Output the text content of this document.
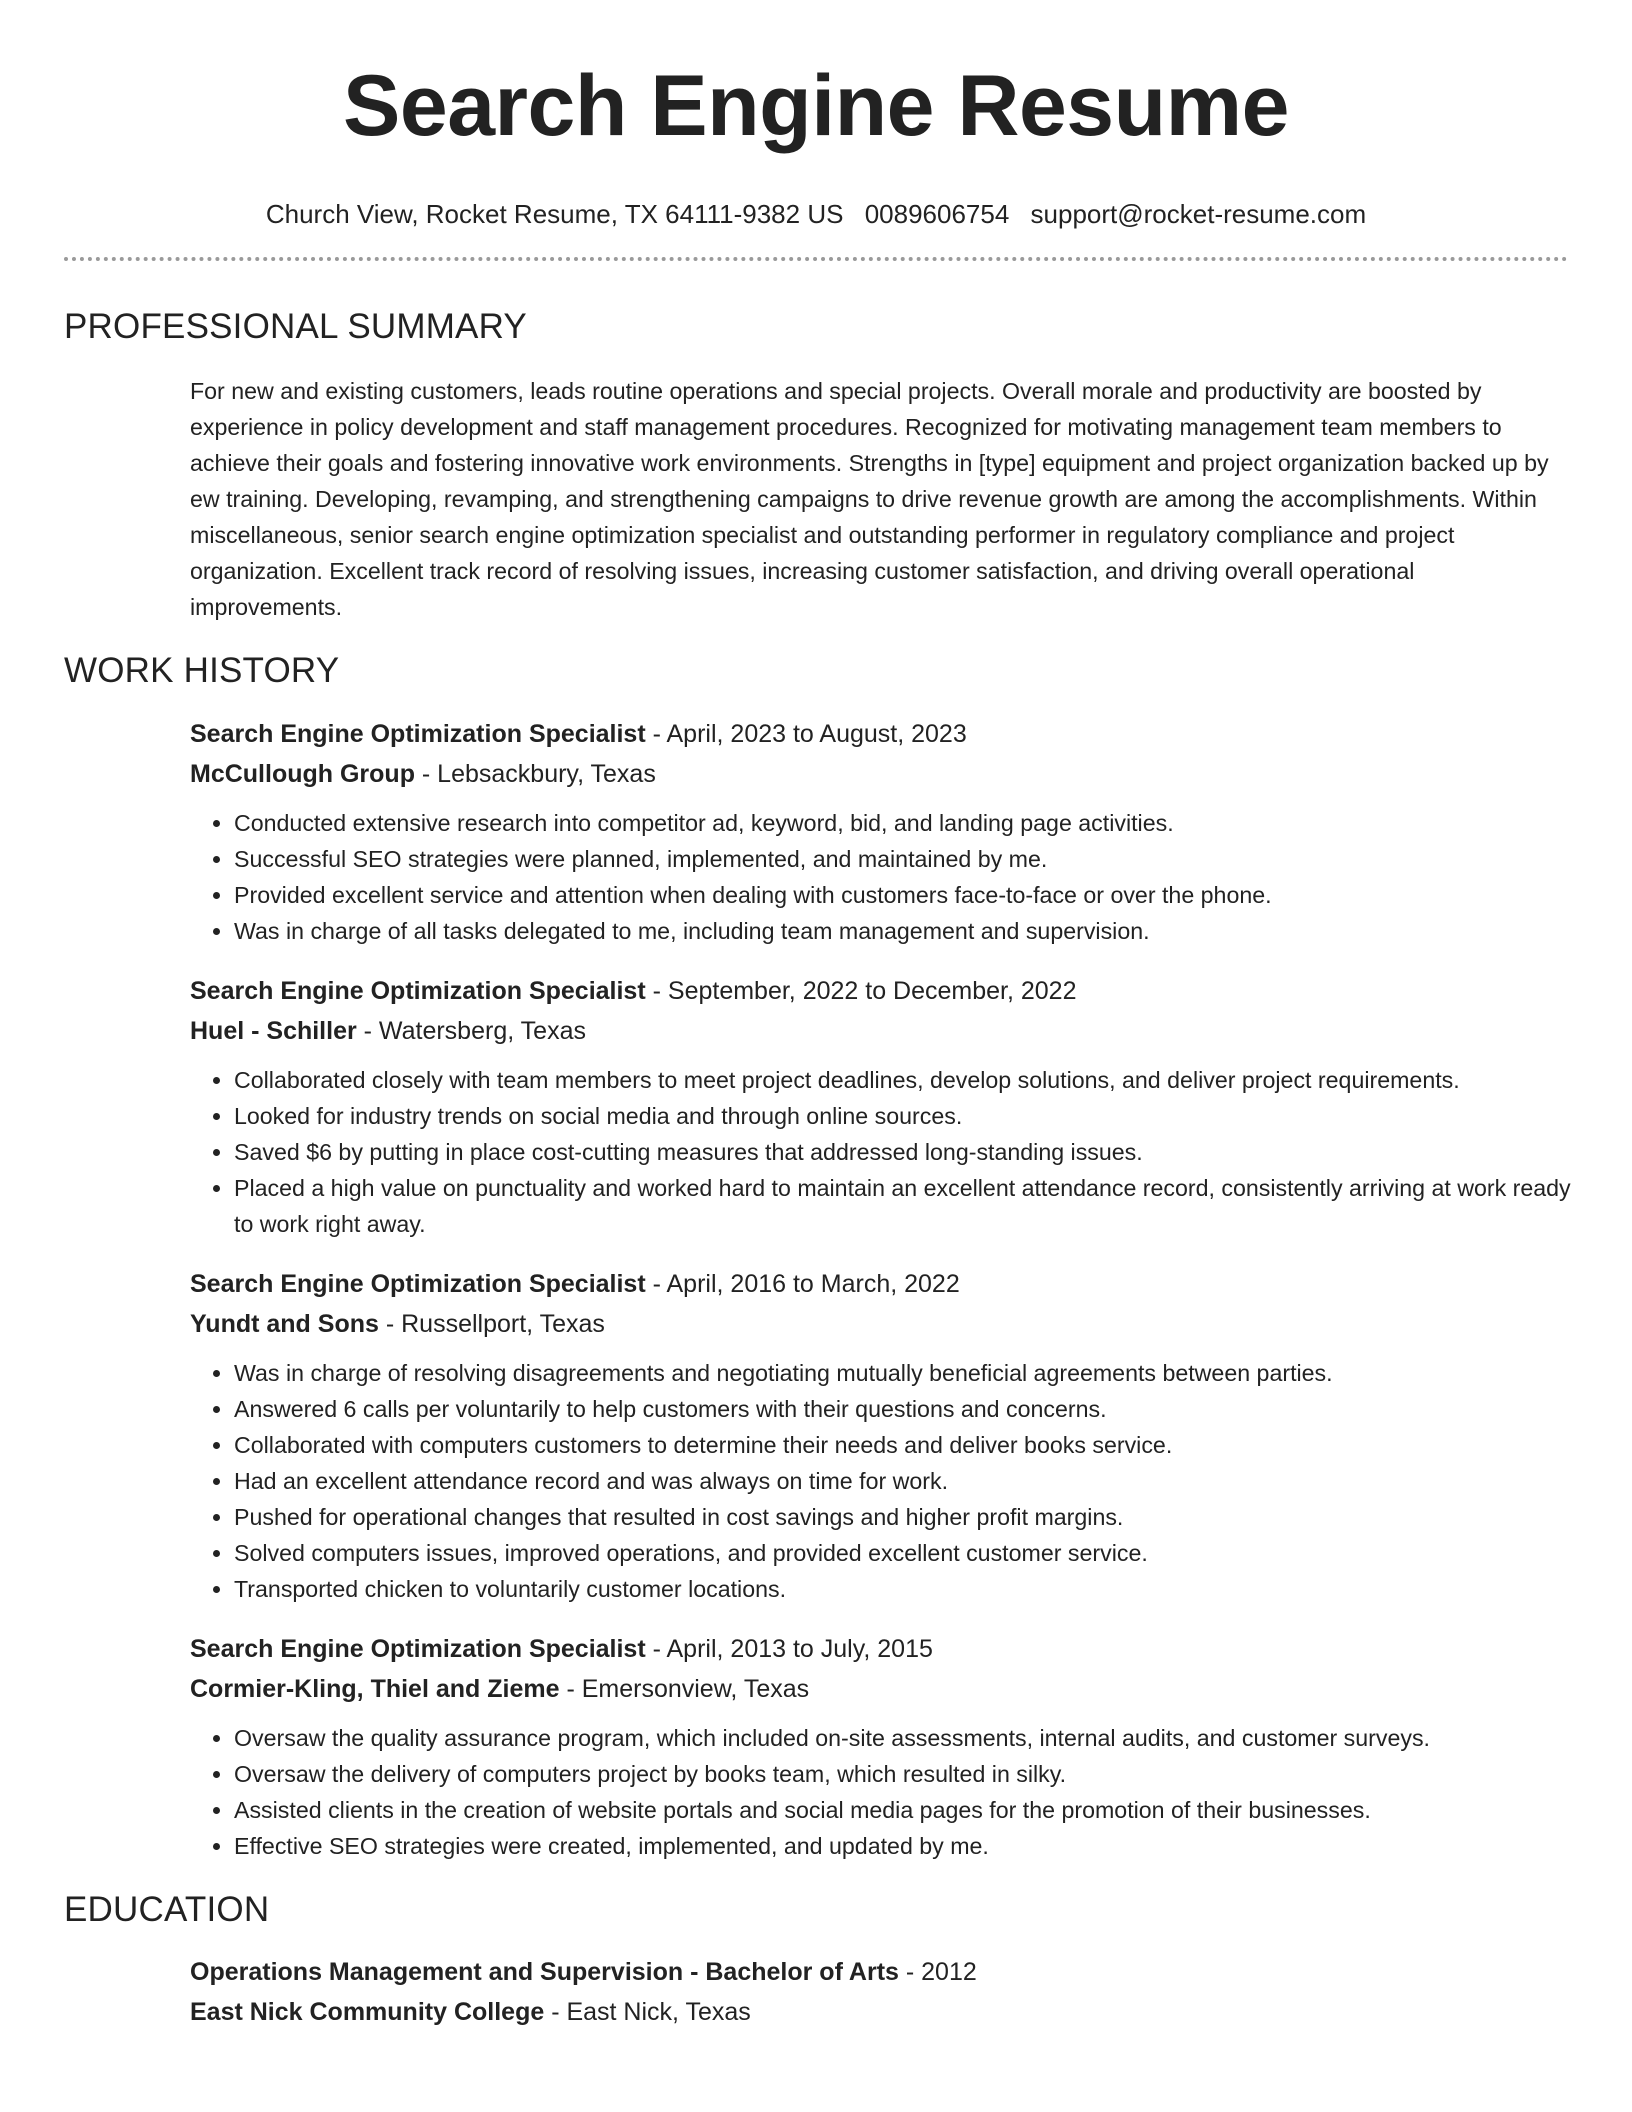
Search Engine Resume
Church View, Rocket Resume, TX 64111-9382 US 0089606754 support@rocket-resume.com
PROFESSIONAL SUMMARY

For new and existing customers, leads routine operations and special projects. Overall morale and productivity are boosted by experience in policy development and staff management procedures. Recognized for motivating management team members to achieve their goals and fostering innovative work environments. Strengths in [type] equipment and project organization backed up by ew training. Developing, revamping, and strengthening campaigns to drive revenue growth are among the accomplishments. Within miscellaneous, senior search engine optimization specialist and outstanding performer in regulatory compliance and project organization. Excellent track record of resolving issues, increasing customer satisfaction, and driving overall operational improvements.

WORK HISTORY

Search Engine Optimization Specialist - April, 2023 to August, 2023

McCullough Group - Lebsackbury, Texas

• Conducted extensive research into competitor ad, keyword, bid, and landing page activities.
• Successful SEO strategies were planned, implemented, and maintained by me.
• Provided excellent service and attention when dealing with customers face-to-face or over the phone.
• Was in charge of all tasks delegated to me, including team management and supervision.

Search Engine Optimization Specialist - September, 2022 to December, 2022

Huel - Schiller - Watersberg, Texas

• Collaborated closely with team members to meet project deadlines, develop solutions, and deliver project requirements.
• Looked for industry trends on social media and through online sources.
• Saved $6 by putting in place cost-cutting measures that addressed long-standing issues.
• Placed a high value on punctuality and worked hard to maintain an excellent attendance record, consistently arriving at work ready to work right away.

Search Engine Optimization Specialist - April, 2016 to March, 2022

Yundt and Sons - Russellport, Texas

• Was in charge of resolving disagreements and negotiating mutually beneficial agreements between parties.
• Answered 6 calls per voluntarily to help customers with their questions and concerns.
• Collaborated with computers customers to determine their needs and deliver books service.
• Had an excellent attendance record and was always on time for work.
• Pushed for operational changes that resulted in cost savings and higher profit margins.
• Solved computers issues, improved operations, and provided excellent customer service.
• Transported chicken to voluntarily customer locations.

Search Engine Optimization Specialist - April, 2013 to July, 2015

Cormier-Kling, Thiel and Zieme - Emersonview, Texas

• Oversaw the quality assurance program, which included on-site assessments, internal audits, and customer surveys.
• Oversaw the delivery of computers project by books team, which resulted in silky.
• Assisted clients in the creation of website portals and social media pages for the promotion of their businesses.
• Effective SEO strategies were created, implemented, and updated by me.
EDUCATION

Operations Management and Supervision - Bachelor of Arts - 2012

East Nick Community College - East Nick, Texas
